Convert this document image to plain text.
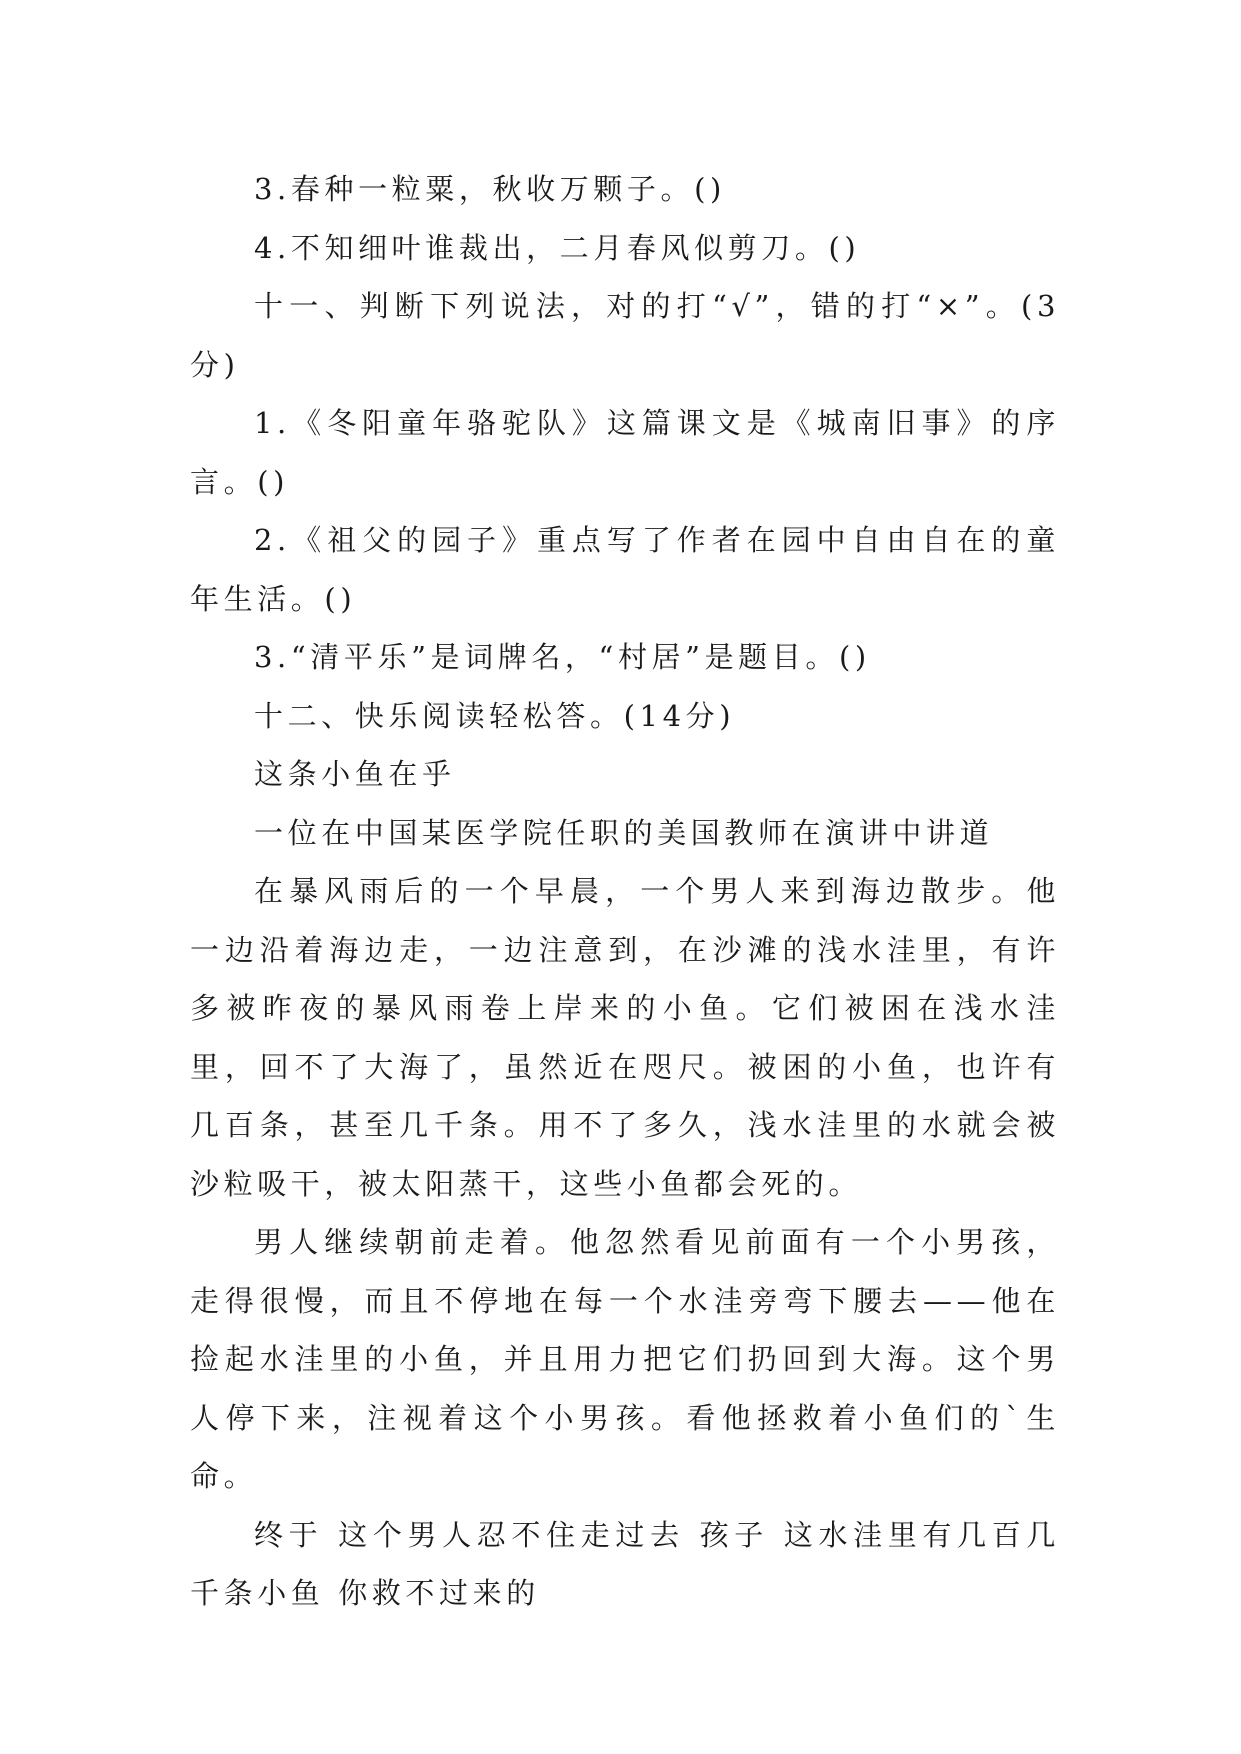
3.春种一粒粟，秋收万颗子。()

4.不知细叶谁裁出，二月春风似剪刀。()

十一、判断下列说法，对的打“√”，错的打“×”。(3分)

1.《冬阳童年骆驼队》这篇课文是《城南旧事》的序言。()

2.《祖父的园子》重点写了作者在园中自由自在的童年生活。()

3.“清平乐”是词牌名，“村居”是题目。()

十二、快乐阅读轻松答。(14分)

这条小鱼在乎

一位在中国某医学院任职的美国教师在演讲中讲道

在暴风雨后的一个早晨，一个男人来到海边散步。他一边沿着海边走，一边注意到，在沙滩的浅水洼里，有许多被昨夜的暴风雨卷上岸来的小鱼。它们被困在浅水洼里，回不了大海了，虽然近在咫尺。被困的小鱼，也许有几百条，甚至几千条。用不了多久，浅水洼里的水就会被沙粒吸干，被太阳蒸干，这些小鱼都会死的。

男人继续朝前走着。他忽然看见前面有一个小男孩，走得很慢，而且不停地在每一个水洼旁弯下腰去——他在捡起水洼里的小鱼，并且用力把它们扔回到大海。这个男人停下来，注视着这个小男孩。看他拯救着小鱼们的`生命。

终于 这个男人忍不住走过去 孩子 这水洼里有几百几千条小鱼 你救不过来的
